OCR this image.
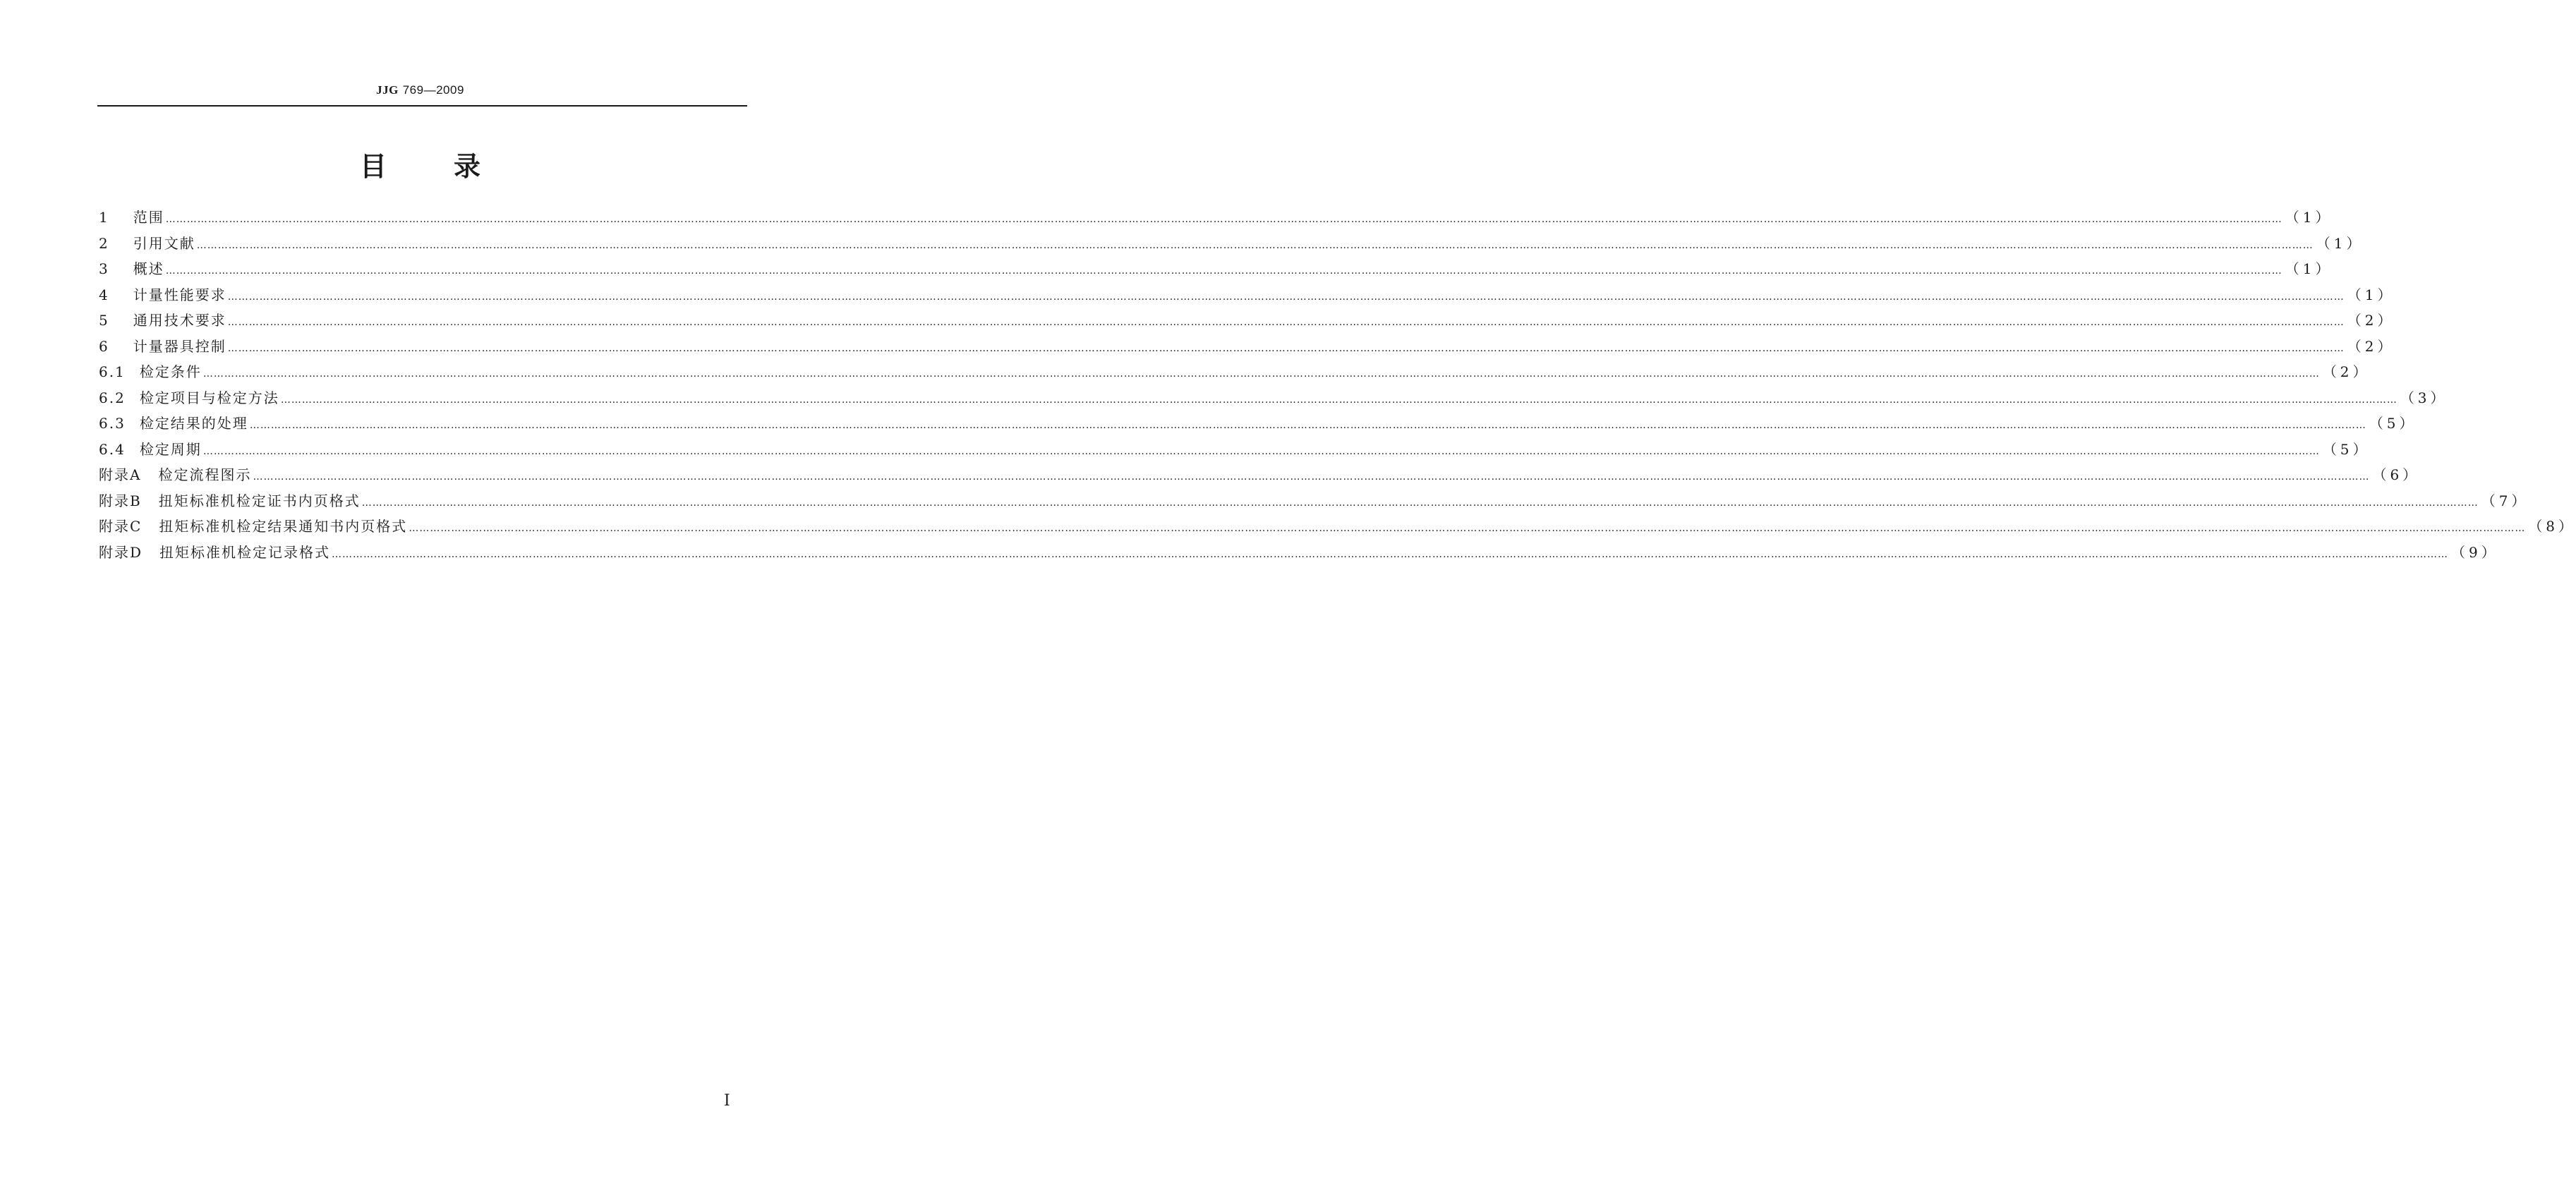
JJG 769—2009
目	录
1 范围 …………………………………………………………………………………………………………………………………………………………………………………………………………………………………………………………………………………………………………………………………………………………………………………………………………………………………………………………………………………………………………………………………………………… （1）
2 引用文献 …………………………………………………………………………………………………………………………………………………………………………………………………………………………………………………………………………………………………………………………………………………………………………………………………………………………………………………………………………………………………………………………………………………… （1）
3 概述 …………………………………………………………………………………………………………………………………………………………………………………………………………………………………………………………………………………………………………………………………………………………………………………………………………………………………………………………………………………………………………………………………………………… （1）
4 计量性能要求 …………………………………………………………………………………………………………………………………………………………………………………………………………………………………………………………………………………………………………………………………………………………………………………………………………………………………………………………………………………………………………………………………………………… （1）
5 通用技术要求 …………………………………………………………………………………………………………………………………………………………………………………………………………………………………………………………………………………………………………………………………………………………………………………………………………………………………………………………………………………………………………………………………………………… （2）
6 计量器具控制 …………………………………………………………………………………………………………………………………………………………………………………………………………………………………………………………………………………………………………………………………………………………………………………………………………………………………………………………………………………………………………………………………………………… （2）
6.1 检定条件 …………………………………………………………………………………………………………………………………………………………………………………………………………………………………………………………………………………………………………………………………………………………………………………………………………………………………………………………………………………………………………………………………………………… （2）
6.2 检定项目与检定方法 …………………………………………………………………………………………………………………………………………………………………………………………………………………………………………………………………………………………………………………………………………………………………………………………………………………………………………………………………………………………………………………………………………………… （3）
6.3 检定结果的处理 …………………………………………………………………………………………………………………………………………………………………………………………………………………………………………………………………………………………………………………………………………………………………………………………………………………………………………………………………………………………………………………………………………………… （5）
6.4 检定周期 …………………………………………………………………………………………………………………………………………………………………………………………………………………………………………………………………………………………………………………………………………………………………………………………………………………………………………………………………………………………………………………………………………………… （5）
附录A 检定流程图示 …………………………………………………………………………………………………………………………………………………………………………………………………………………………………………………………………………………………………………………………………………………………………………………………………………………………………………………………………………………………………………………………………………………… （6）
附录B 扭矩标准机检定证书内页格式 …………………………………………………………………………………………………………………………………………………………………………………………………………………………………………………………………………………………………………………………………………………………………………………………………………………………………………………………………………………………………………………………………………………… （7）
附录C 扭矩标准机检定结果通知书内页格式 …………………………………………………………………………………………………………………………………………………………………………………………………………………………………………………………………………………………………………………………………………………………………………………………………………………………………………………………………………………………………………………………………………………… （8）
附录D 扭矩标准机检定记录格式 …………………………………………………………………………………………………………………………………………………………………………………………………………………………………………………………………………………………………………………………………………………………………………………………………………………………………………………………………………………………………………………………………………………… （9）
I
